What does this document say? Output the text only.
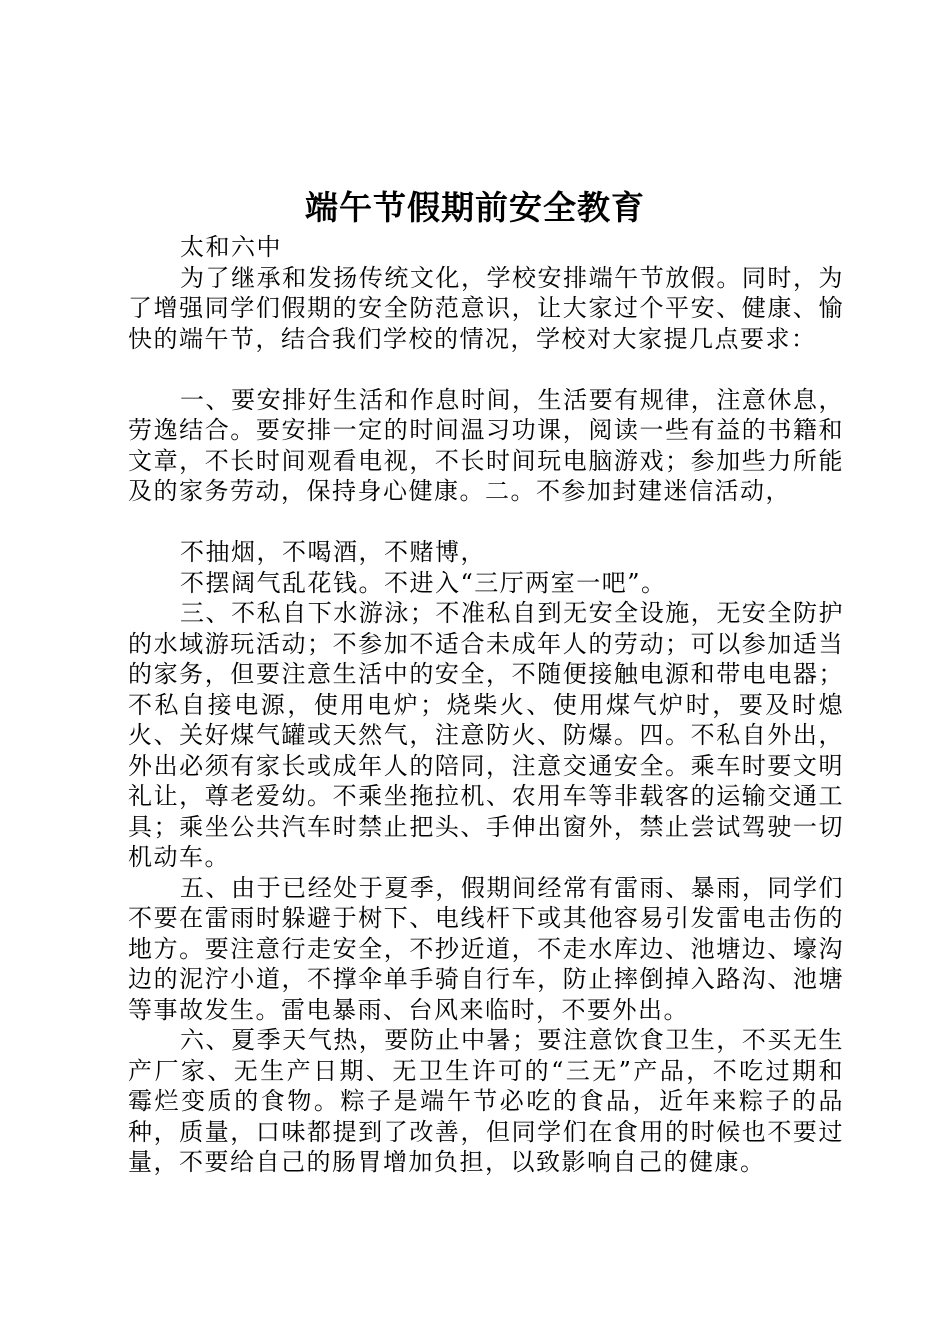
端午节假期前安全教育

太和六中

为了继承和发扬传统文化，学校安排端午节放假。同时，为了增强同学们假期的安全防范意识，让大家过个平安、健康、愉快的端午节，结合我们学校的情况，学校对大家提几点要求：

一、要安排好生活和作息时间，生活要有规律，注意休息，劳逸结合。要安排一定的时间温习功课，阅读一些有益的书籍和文章，不长时间观看电视，不长时间玩电脑游戏；参加些力所能及的家务劳动，保持身心健康。二。不参加封建迷信活动，

不抽烟，不喝酒，不赌博，

不摆阔气乱花钱。不进入“三厅两室一吧”。

三、不私自下水游泳；不准私自到无安全设施，无安全防护的水域游玩活动；不参加不适合未成年人的劳动；可以参加适当的家务，但要注意生活中的安全，不随便接触电源和带电电器；不私自接电源，使用电炉；烧柴火、使用煤气炉时，要及时熄火、关好煤气罐或天然气，注意防火、防爆。四。不私自外出，外出必须有家长或成年人的陪同，注意交通安全。乘车时要文明礼让，尊老爱幼。不乘坐拖拉机、农用车等非载客的运输交通工具；乘坐公共汽车时禁止把头、手伸出窗外，禁止尝试驾驶一切机动车。

五、由于已经处于夏季，假期间经常有雷雨、暴雨，同学们不要在雷雨时躲避于树下、电线杆下或其他容易引发雷电击伤的地方。要注意行走安全，不抄近道，不走水库边、池塘边、壕沟边的泥泞小道，不撑伞单手骑自行车，防止摔倒掉入路沟、池塘等事故发生。雷电暴雨、台风来临时，不要外出。

六、夏季天气热，要防止中暑；要注意饮食卫生，不买无生产厂家、无生产日期、无卫生许可的“三无”产品，不吃过期和霉烂变质的食物。粽子是端午节必吃的食品，近年来粽子的品种，质量，口味都提到了改善，但同学们在食用的时候也不要过量，不要给自己的肠胃增加负担，以致影响自己的健康。
